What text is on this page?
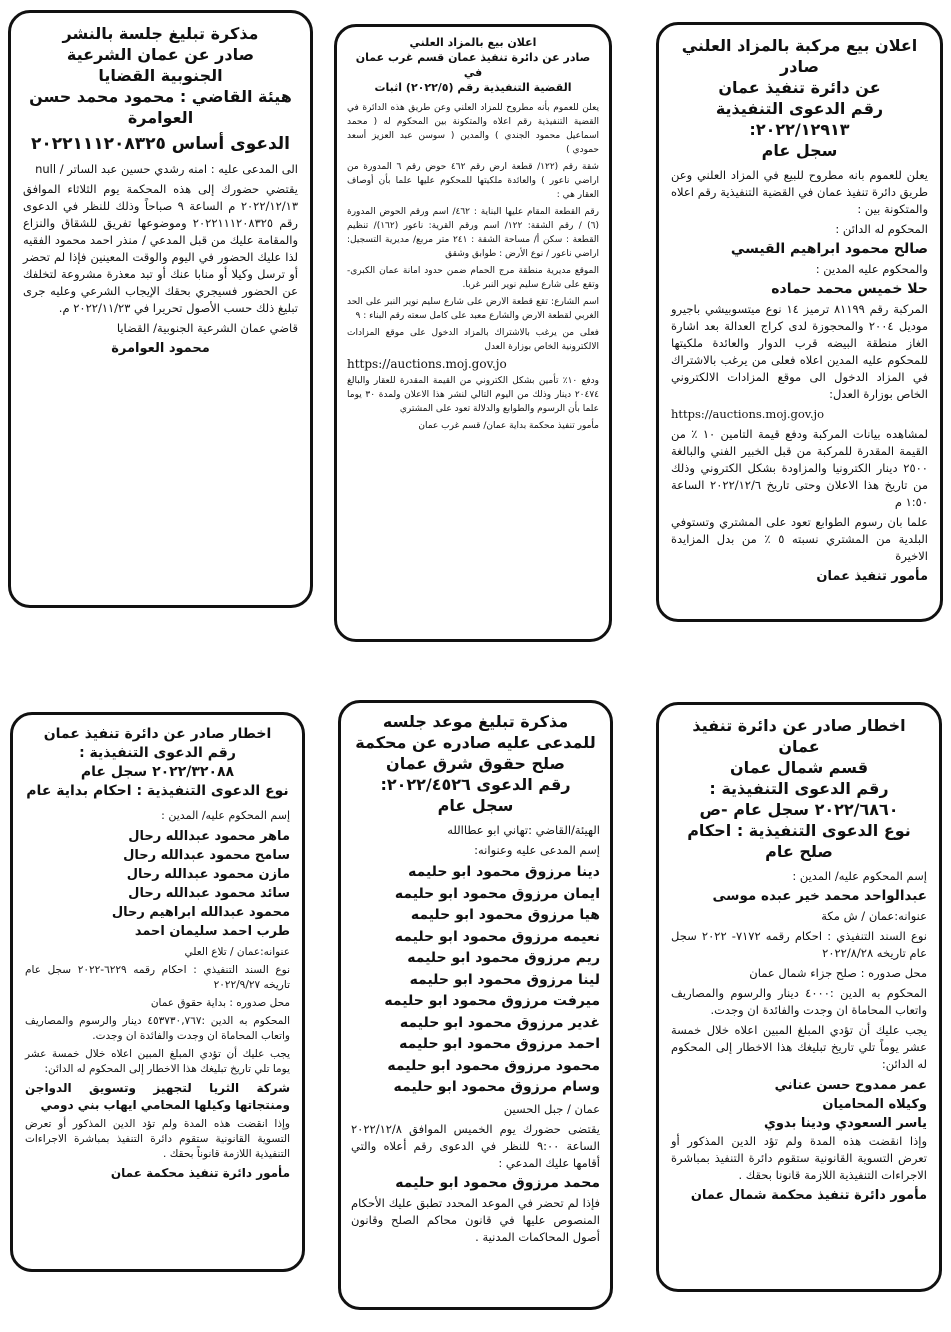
مذكرة تبليغ جلسة بالنشر
صادر عن عمان الشرعية
الجنوبية القضايا
هيئة القاضي : محمود محمد حسن
العوامرة
الدعوى أساس ٢٠٢٢١١١٢٠٨٣٢٥

الى المدعى عليه : امنه رشدي حسين عبد الساتر / null

يقتضي حضورك إلى هذه المحكمة يوم الثلاثاء الموافق ٢٠٢٢/١٢/١٣ م الساعة ٩ صباحاً وذلك للنظر في الدعوى رقم ٢٠٢٢١١١٢٠٨٣٢٥ وموضوعها تفريق للشقاق والنزاع والمقامة عليك من قبل المدعي / منذر احمد محمود الفقيه لذا عليك الحضور في اليوم والوقت المعينين فإذا لم تحضر أو ترسل وكيلا أو منابا عنك أو تبد معذرة مشروعة لتخلفك عن الحضور فسيجري بحقك الإيجاب الشرعي وعليه جرى تبليغ ذلك حسب الأصول تحريرا في ٢٠٢٢/١١/٢٣ م.

قاضي عمان الشرعية الجنوبية/ القضايا

محمود العوامرة
اعلان بيع بالمزاد العلني
صادر عن دائرة تنفيذ عمان قسم غرب عمان في
القضية التنفيذية رقم (٢٠٢٢/٥) اثبات

يعلن للعموم بأنه مطروح للمزاد العلني وعن طريق هذه الدائرة في القضية التنفيذية رقم اعلاه والمتكونة بين المحكوم له ( محمد اسماعيل محمود الجندي ) والمدين ( سوسن عبد العزيز أسعد حمودي )

شقة رقم (١٢٢/ قطعة ارض رقم ٤٦٢ حوض رقم ٦ المدورة من اراضي ناعور ) والعائدة ملكيتها للمحكوم عليها علما بأن أوصاف العقار هي :

رقم القطعة المقام عليها البناية : ٤٦٢/ اسم ورقم الحوض المدورة (٦) / رقم الشقة: ١٢٢/ اسم ورقم القرية: ناعور (١٦٢)/ تنظيم القطعة : سكن أ/ مساحة الشقة : ٢٤١ متر مربع/ مديرية التسجيل: اراضي ناعور / نوع الأرض : طوابق وشقق

الموقع مديرية منطقة مرج الحمام ضمن حدود امانة عمان الكبرى- وتقع على شارع سليم نوير النبر غربا.

اسم الشارع: تقع قطعة الارض على شارع سليم نوير النبر على الحد الغربي لقطعة الارض والشارع معبد على كامل سعته رقم البناء : ٩

فعلى من يرغب بالاشتراك بالمزاد الدخول على موقع المزادات الالكترونية الخاص بوزارة العدل

https://auctions.moj.gov.jo

ودفع ١٠٪ تأمين بشكل الكتروني من القيمة المقدرة للعقار والبالغ ٢٠٤٧٤ دينار وذلك من اليوم التالي لنشر هذا الاعلان ولمدة ٣٠ يوما علما بأن الرسوم والطوابع والدلالة تعود على المشتري

مأمور تنفيذ محكمة بداية عمان/ قسم غرب عمان

اعلان بيع مركبة بالمزاد العلني صادر
عن دائرة تنفيذ عمان
رقم الدعوى التنفيذية ٢٠٢٢/١٢٩١٣:
سجل عام

يعلن للعموم بانه مطروح للبيع في المزاد العلني وعن طريق دائرة تنفيذ عمان في القضية التنفيذية رقم اعلاه والمتكونة بين :

المحكوم له الدائن :

صالح محمود ابراهيم القيسي

والمحكوم عليه المدين :

حلا خميس محمد حماده

المركبة رقم ٨١١٩٩ ترميز ١٤ نوع ميتسوبيشي باجيرو موديل ٢٠٠٤ والمحجوزة لدى كراج العدالة بعد اشارة الغاز منطقة البيضه قرب الدوار والعائدة ملكيتها للمحكوم عليه المدين اعلاه فعلى من يرغب بالاشتراك في المزاد الدخول الى موقع المزادات الالكتروني الخاص بوزارة العدل:

https://auctions.moj.gov.jo

لمشاهده بيانات المركبة ودفع قيمة التامين ١٠ ٪ من القيمة المقدرة للمركبة من قبل الخبير الفني والبالغة ٢٥٠٠ دينار الكترونيا والمزاودة بشكل الكتروني وذلك من تاريخ هذا الاعلان وحتى تاريخ ٢٠٢٢/١٢/٦ الساعة ١:٥٠ م

علما بان رسوم الطوابع تعود على المشتري وتستوفي البلدية من المشتري نسبته ٥ ٪ من بدل المزايدة الاخيرة

مأمور تنفيذ عمان
اخطار صادر عن دائرة تنفيذ عمان
رقم الدعوى التنفيذية :
٢٠٢٢/٣٢٠٨٨ سجل عام
نوع الدعوى التنفيذية : احكام بداية عام

إسم المحكوم عليه/ المدين :

ماهر محمود عبدالله رحال

سامح محمود عبدالله رحال

مازن محمود عبدالله رحال

سائد محمود عبدالله رحال

محمود عبدالله ابراهيم رحال

طرب احمد سليمان احمد

عنوانه:عمان / تلاع العلي

نوع السند التنفيذي : احكام رقمه ٦٢٢٩-٢٠٢٢ سجل عام تاريخه ٢٠٢٢/٩/٢٧

محل صدوره : بداية حقوق عمان

المحكوم به الدين :٤٥٣٧٣٠,٧٦٧ دينار والرسوم والمصاريف واتعاب المحاماة ان وجدت والفائدة ان وجدت.

يجب عليك أن تؤدي المبلغ المبين اعلاه خلال خمسة عشر يوما تلي تاريخ تبليغك هذا الاخطار إلى المحكوم له الدائن:

شركة الثريا لتجهيز وتسويق الدواجن ومنتجاتها وكيلها المحامي ايهاب بني دومي

وإذا انقضت هذه المدة ولم تؤد الدين المذكور أو تعرض التسوية القانونية ستقوم دائرة التنفيذ بمباشرة الاجراءات التنفيذية اللازمة قانوناً بحقك .

مأمور دائرة تنفيذ محكمة عمان
مذكرة تبليغ موعد جلسه
للمدعى عليه صادره عن محكمة
صلح حقوق شرق عمان
رقم الدعوى ٢٠٢٢/٤٥٢٦:
سجل عام

الهيئة/القاضي :تهاني ابو عطاالله

إسم المدعى عليه وعنوانه:

دينا مرزوق محمود ابو حليمه

ايمان مرزوق محمود ابو حليمه

هيا مرزوق محمود ابو حليمه

نعيمه مرزوق محمود ابو حليمه

ريم مرزوق محمود ابو حليمه

لينا مرزوق محمود ابو حليمه

ميرفت مرزوق محمود ابو حليمه

غدير مرزوق محمود ابو حليمه

احمد مرزوق محمود ابو حليمه

محمود مرزوق محمود ابو حليمه

وسام مرزوق محمود ابو حليمه

عمان / جبل الحسين

يقتضى حضورك يوم الخميس الموافق ٢٠٢٢/١٢/٨ الساعة ٩:٠٠ للنظر في الدعوى رقم أعلاه والتي أقامها عليك المدعي :

محمد مرزوق محمود ابو حليمه

فإذا لم تحضر في الموعد المحدد تطبق عليك الأحكام المنصوص عليها في قانون محاكم الصلح وقانون أصول المحاكمات المدنية .

اخطار صادر عن دائرة تنفيذ
عمان
قسم شمال عمان
رقم الدعوى التنفيذية :
٢٠٢٢/٦٨٦٠ سجل عام -ص
نوع الدعوى التنفيذية : احكام صلح عام

إسم المحكوم عليه/ المدين :

عبدالواحد محمد خير عبده موسى

عنوانه:عمان / ش مكة

نوع السند التنفيذي : احكام رقمه ٧١٧٢- ٢٠٢٢ سجل عام تاريخه ٢٠٢٢/٨/٢٨

محل صدوره : صلح جزاء شمال عمان

المحكوم به الدين :٤٠٠٠ دينار والرسوم والمصاريف واتعاب المحاماة ان وجدت والفائدة ان وجدت.

يجب عليك أن تؤدي المبلغ المبين اعلاه خلال خمسة عشر يوماً تلي تاريخ تبليغك هذا الاخطار إلى المحكوم له الدائن:

عمر ممدوح حسن عناني

وكيلاه المحاميان

ياسر السعودي ودينا بدوي

وإذا انقضت هذه المدة ولم تؤد الدين المذكور أو تعرض التسوية القانونية ستقوم دائرة التنفيذ بمباشرة الاجراءات التنفيذية اللازمة قانونا بحقك .

مأمور دائرة تنفيذ محكمة شمال عمان
